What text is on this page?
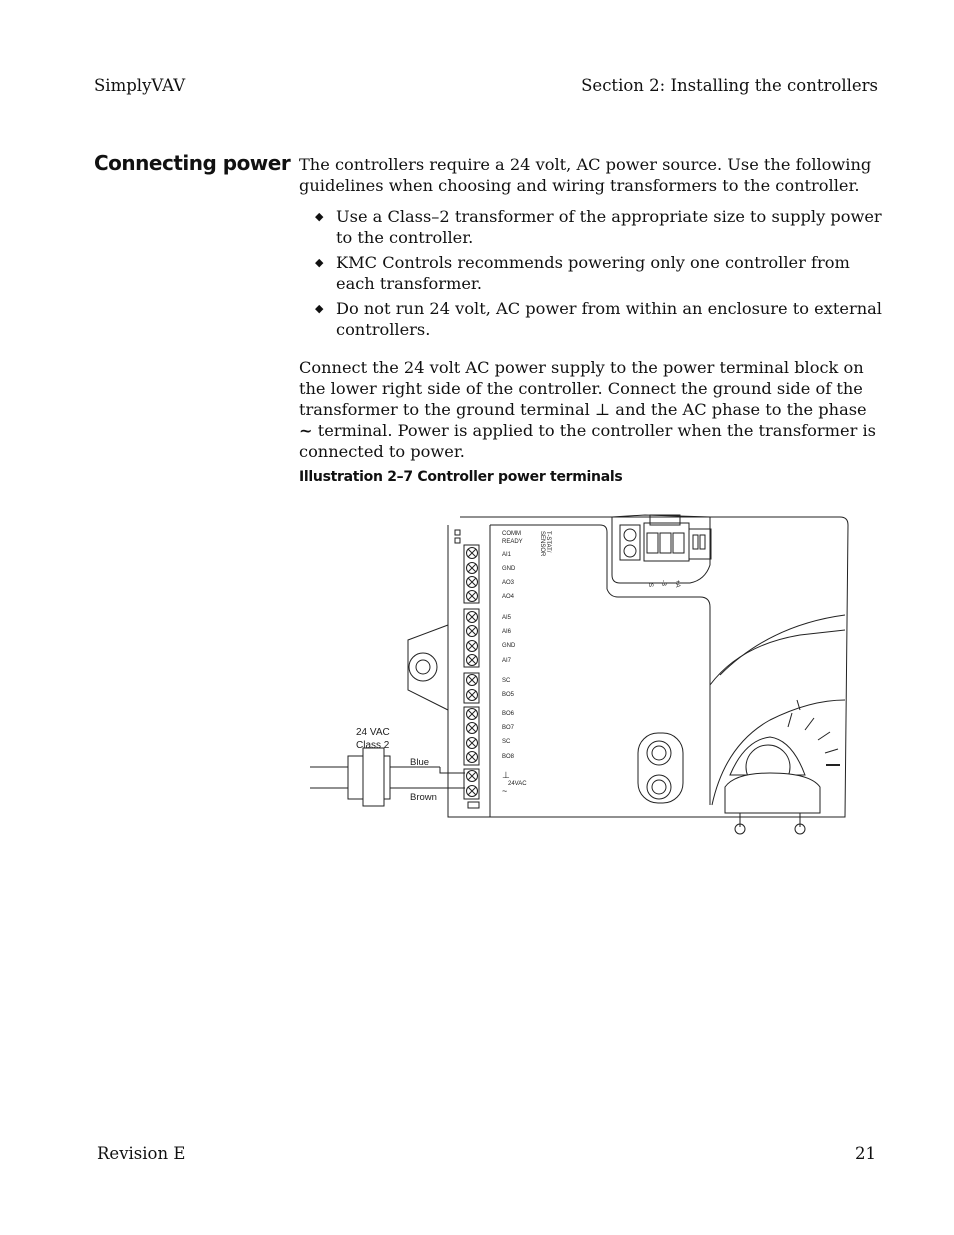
SimplyVAV	Section 2: Installing the controllers
Connecting power The controllers require a 24 volt, AC power source. Use the following guidelines when choosing and wiring transformers to the controller.

◆ Use a Class–2 transformer of the appropriate size to supply power to the controller.
◆ KMC Controls recommends powering only one controller from each transformer.
◆ Do not run 24 volt, AC power from within an enclosure to external controllers.

Connect the 24 volt AC power supply to the power terminal block on the lower right side of the controller. Connect the ground side of the transformer to the ground terminal ⊥ and the AC phase to the phase ~ terminal. Power is applied to the controller when the transformer is connected to power.

Illustration 2–7 Controller power terminals

24 VAC
Class 2
Blue
Brown
S -B +A
COMM
READY	T-STAT/
SENSOR
AI1
GND
AO3
AO4
AI5
AI6
GND
AI7
SC
BO5
BO6
BO7
SC
BO8
⊥
24VAC
~
Revision E	21
